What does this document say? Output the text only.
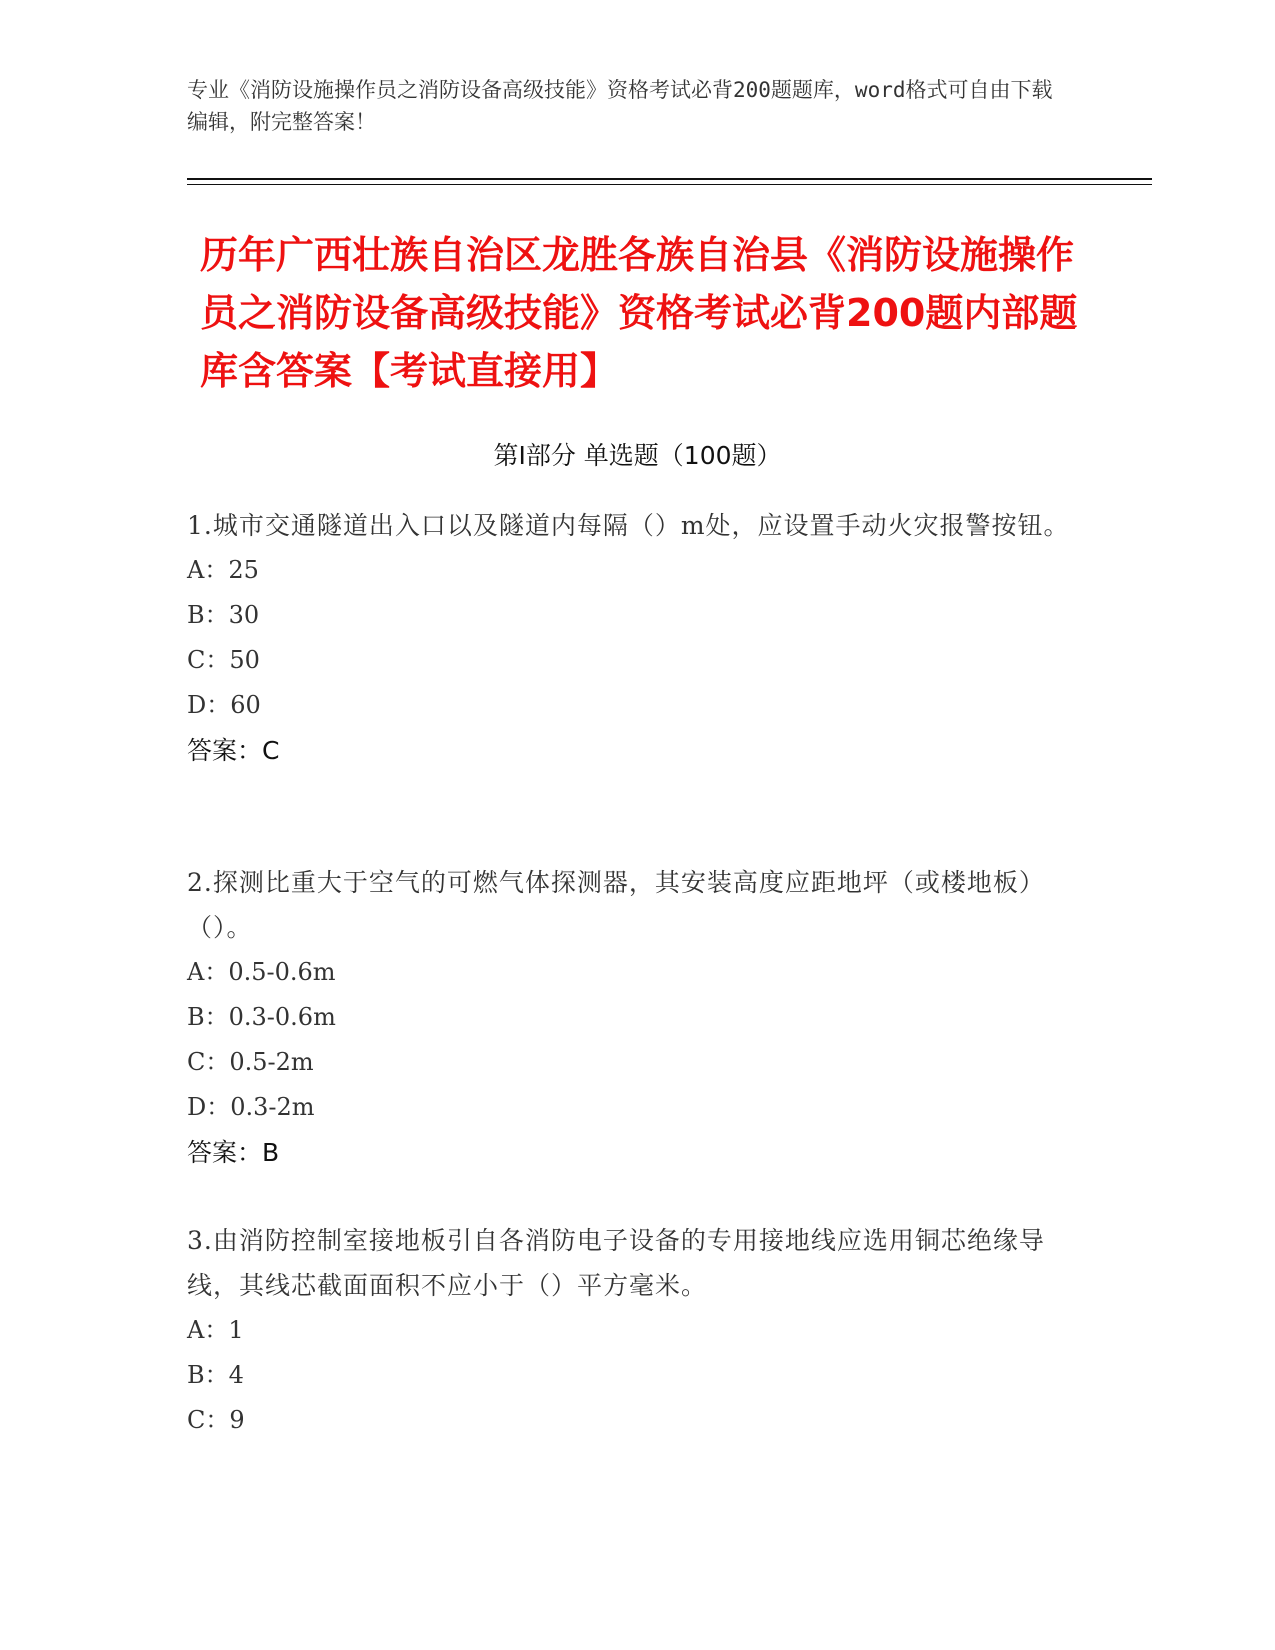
专业《消防设施操作员之消防设备高级技能》资格考试必背200题题库，word格式可自由下载编辑，附完整答案！
历年广西壮族自治区龙胜各族自治县《消防设施操作员之消防设备高级技能》资格考试必背200题内部题库含答案【考试直接用】
第I部分 单选题（100题）
1.城市交通隧道出入口以及隧道内每隔（）m处，应设置手动火灾报警按钮。
A：25
B：30
C：50
D：60
答案：C
2.探测比重大于空气的可燃气体探测器，其安装高度应距地坪（或楼地板）（）。
A：0.5-0.6m
B：0.3-0.6m
C：0.5-2m
D：0.3-2m
答案：B
3.由消防控制室接地板引自各消防电子设备的专用接地线应选用铜芯绝缘导线，其线芯截面面积不应小于（）平方毫米。
A：1
B：4
C：9
